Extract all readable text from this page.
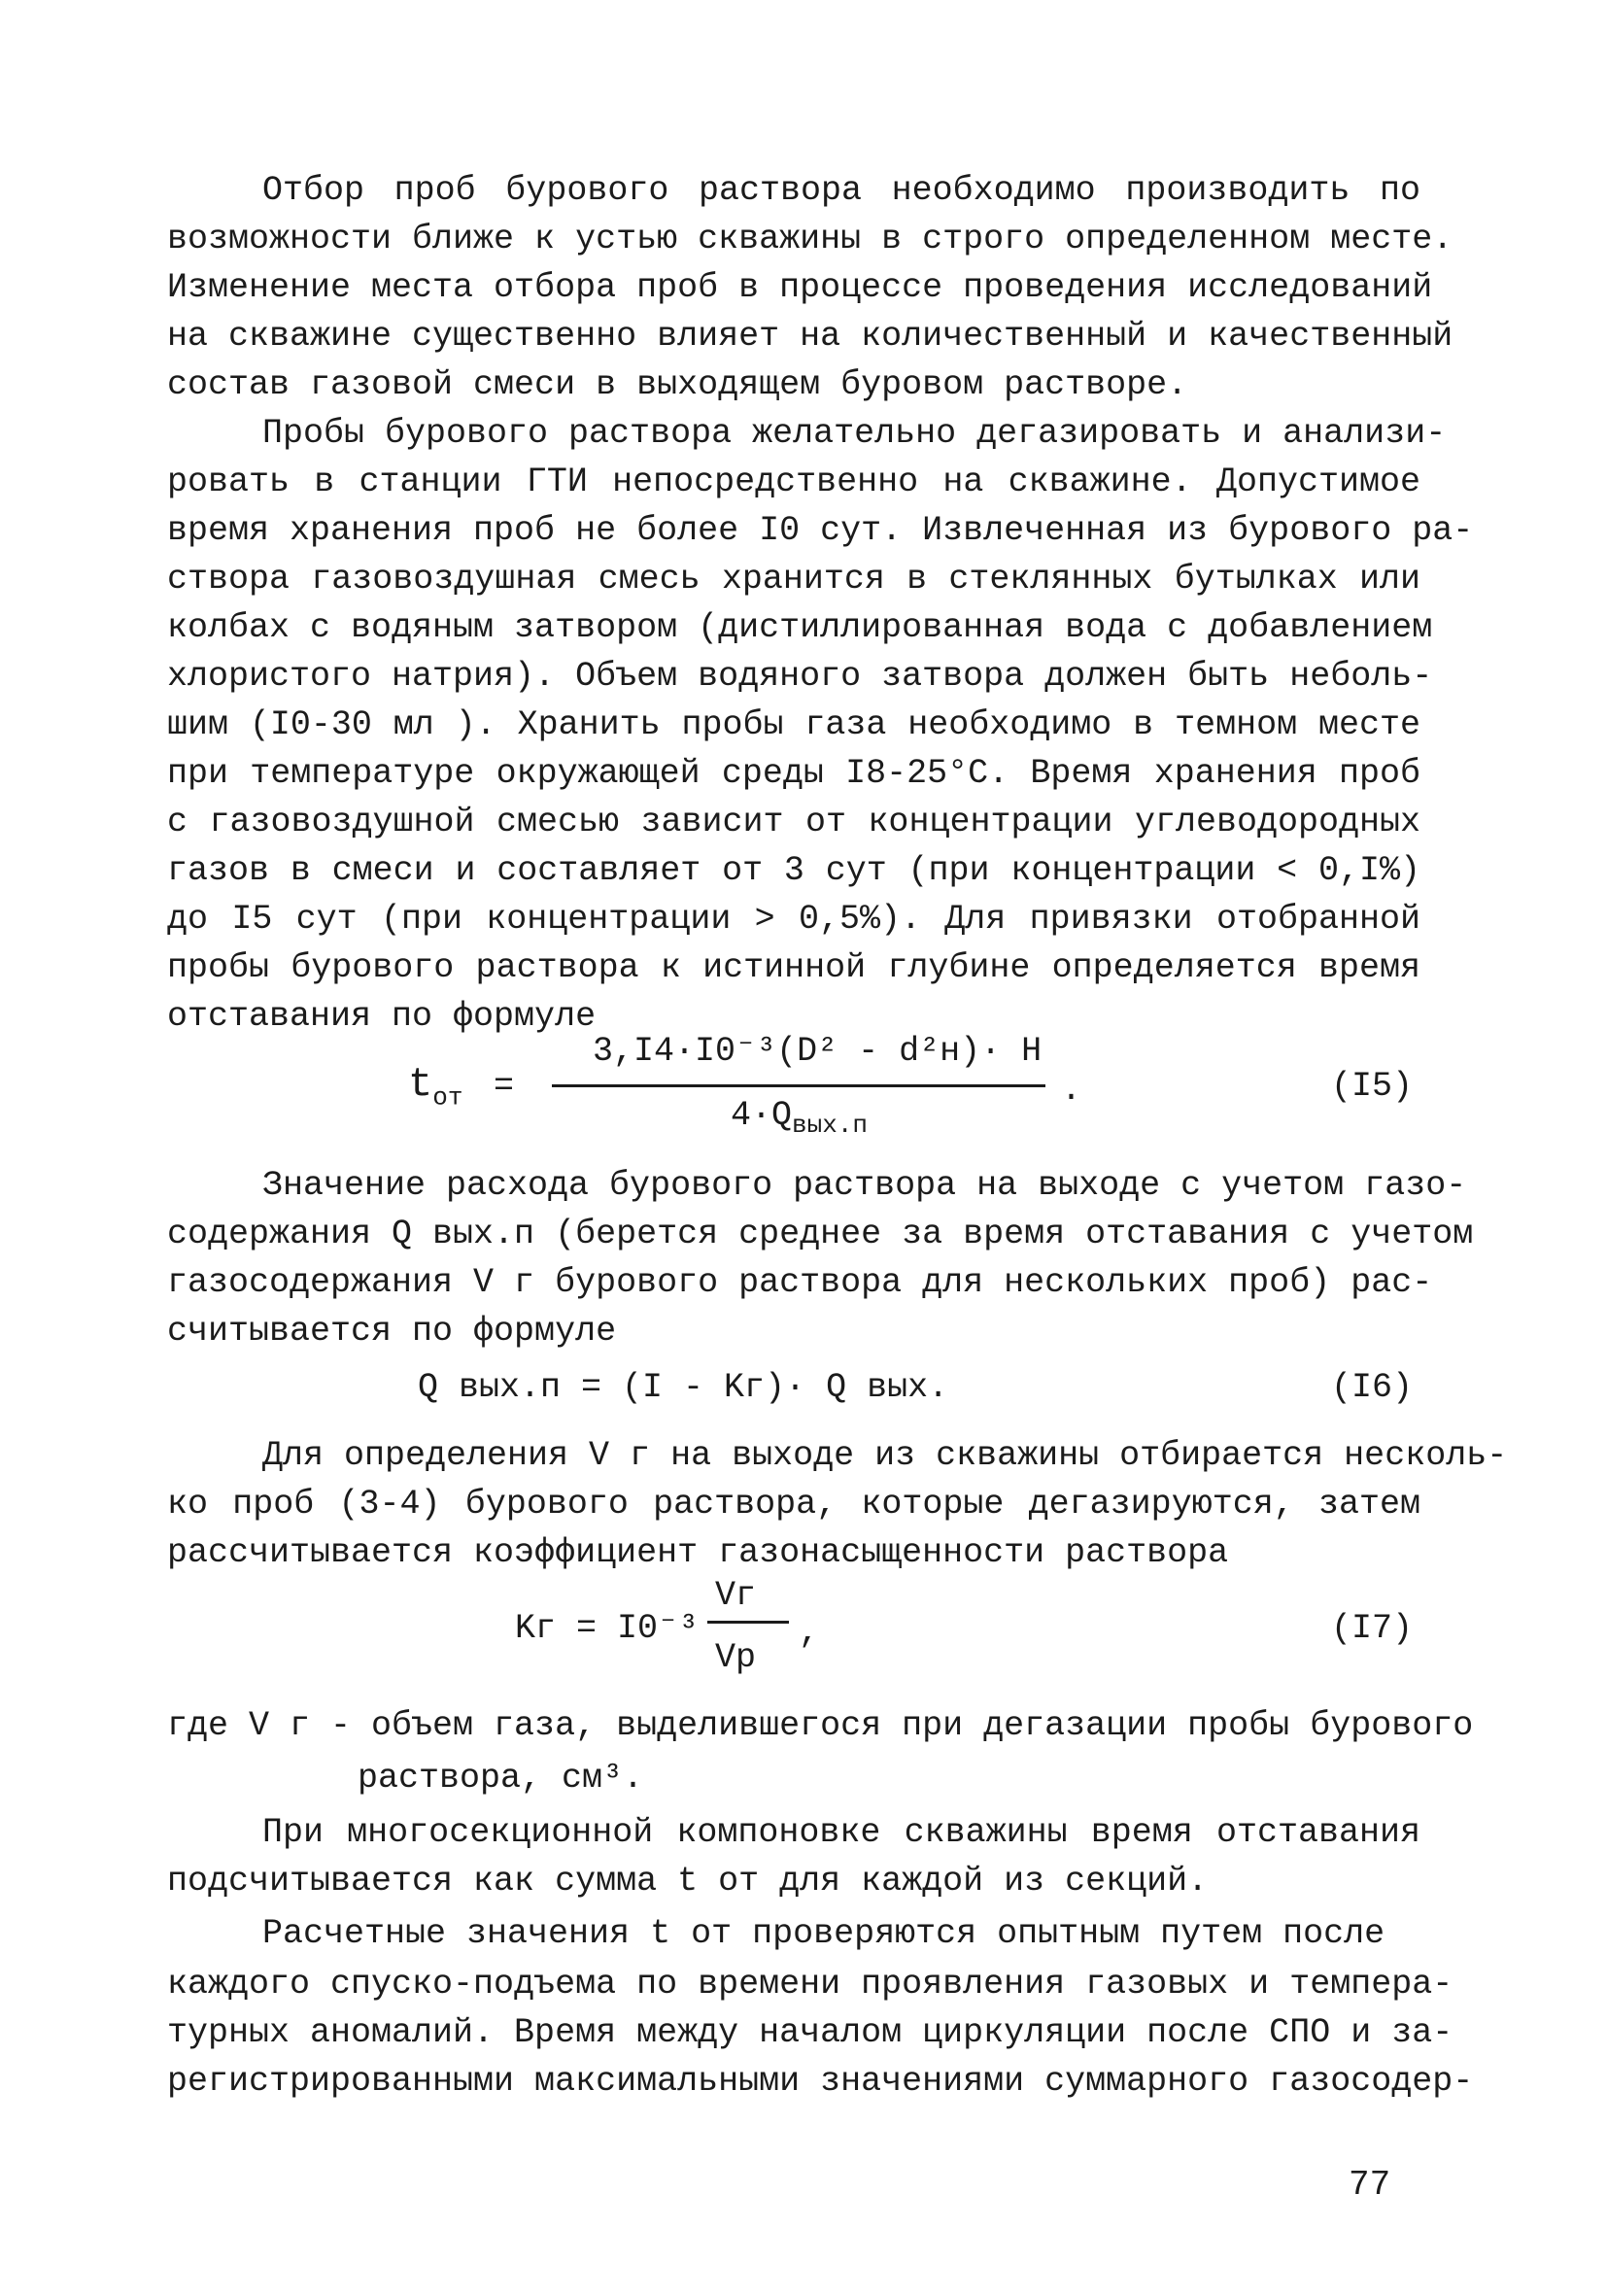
Отбор проб бурового раствора необходимо производить по
возможности ближе к устью скважины в строго определенном месте.
Изменение места отбора проб в процессе проведения исследований
на скважине существенно влияет на количественный и качественный
состав газовой смеси в выходящем буровом растворе.
Пробы бурового раствора желательно дегазировать и анализи-
ровать в станции ГТИ непосредственно на скважине. Допустимое
время хранения проб не более I0 сут. Извлеченная из бурового ра-
створа газовоздушная смесь хранится в стеклянных бутылках или
колбах с водяным затвором (дистиллированная вода с добавлением
хлористого натрия). Объем водяного затвора должен быть неболь-
шим (I0-30 мл ). Хранить пробы газа необходимо в темном месте
при температуре окружающей среды I8-25°C. Время хранения проб
с газовоздушной смесью зависит от концентрации углеводородных
газов в смеси и составляет от 3 сут (при концентрации < 0,I%)
до I5 сут (при концентрации > 0,5%). Для привязки отобранной
пробы бурового раствора к истинной глубине определяется время
отставания по формуле
$t_{от}$ =
3,I4·I0⁻³(D² - d²н)· H
$4\cdot Q_{вых.п}$
.	(I5)
Значение расхода бурового раствора на выходе с учетом газо-
содержания Q вых.п (берется среднее за время отставания с учетом
газосодержания V г бурового раствора для нескольких проб) рас-
считывается по формуле
Q вых.п = (I - Kг)· Q вых.	(I6)
Для определения V г на выходе из скважины отбирается несколь-
ко проб (3-4) бурового раствора, которые дегазируются, затем
рассчитывается коэффициент газонасыщенности раствора
Kг = I0⁻³
Vг
Vр
,	(I7)
где V г - объем газа, выделившегося при дегазации пробы бурового
раствора, см³.
При многосекционной компоновке скважины время отставания
подсчитывается как сумма t от для каждой из секций.
Расчетные значения t от проверяются опытным путем после
каждого спуско-подъема по времени проявления газовых и темпера-
турных аномалий. Время между началом циркуляции после СПО и за-
регистрированными максимальными значениями суммарного газосодер-
77
